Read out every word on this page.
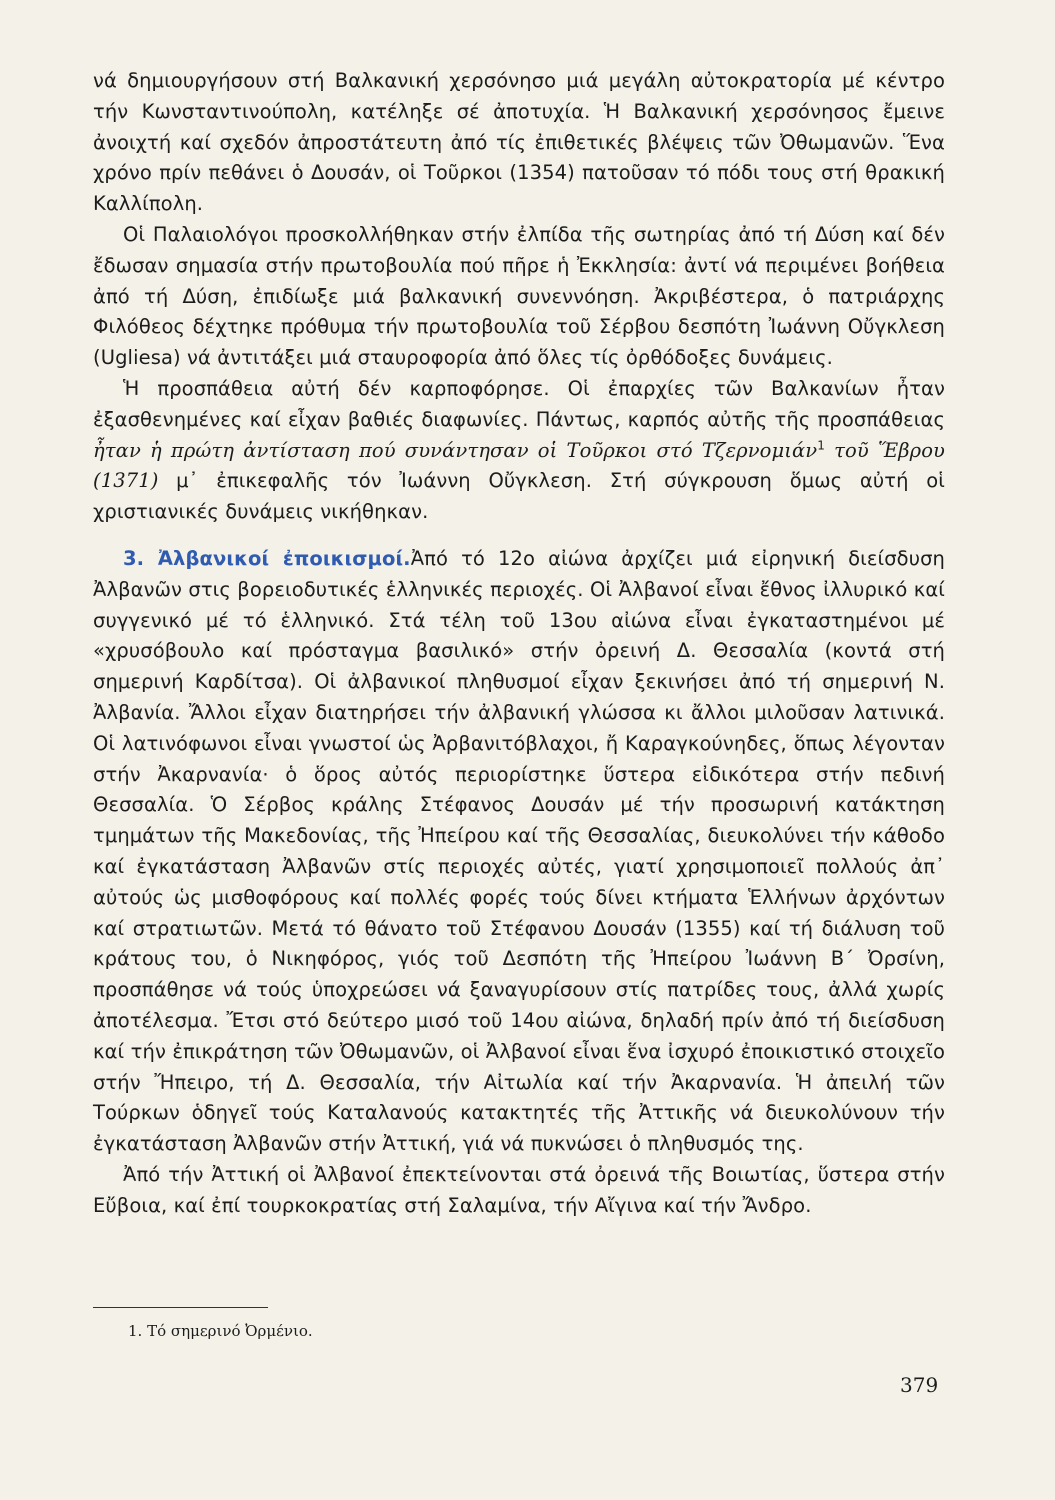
νά δημιουργήσουν στή Βαλκανική χερσόνησο μιά μεγάλη αὐτοκρατορία μέ κέντρο τήν Κωνσταντινούπολη, κατέληξε σέ ἀποτυχία. Ἡ Βαλκανική χερσόνησος ἔμεινε ἀνοιχτή καί σχεδόν ἀπροστάτευτη ἀπό τίς ἐπιθετικές βλέψεις τῶν Ὀθωμανῶν. Ἕνα χρόνο πρίν πεθάνει ὁ Δουσάν, οἱ Τοῦρκοι (1354) πατοῦσαν τό πόδι τους στή θρακική Καλλίπολη.

Οἱ Παλαιολόγοι προσκολλήθηκαν στήν ἐλπίδα τῆς σωτηρίας ἀπό τή Δύση καί δέν ἔδωσαν σημασία στήν πρωτοβουλία πού πῆρε ἡ Ἐκκλησία: ἀντί νά περιμένει βοήθεια ἀπό τή Δύση, ἐπιδίωξε μιά βαλκανική συνεννόηση. Ἀκριβέστερα, ὁ πατριάρχης Φιλόθεος δέχτηκε πρόθυμα τήν πρωτοβουλία τοῦ Σέρβου δεσπότη Ἰωάννη Οὔγκλεση (Ugliesa) νά ἀντιτάξει μιά σταυροφορία ἀπό ὅλες τίς ὀρθόδοξες δυνάμεις.

Ἡ προσπάθεια αὐτή δέν καρποφόρησε. Οἱ ἐπαρχίες τῶν Βαλκανίων ἦταν ἐξασθενημένες καί εἶχαν βαθιές διαφωνίες. Πάντως, καρπός αὐτῆς τῆς προσπάθειας ἦταν ἡ πρώτη ἀντίσταση πού συνάντησαν οἱ Τοῦρκοι στό Τζερνομιάν$^1$ τοῦ Ἕβρου (1371) μ᾿ ἐπικεφαλῆς τόν Ἰωάννη Οὔγκλεση. Στή σύγκρουση ὅμως αὐτή οἱ χριστιανικές δυνάμεις νικήθηκαν.

3. Ἀλβανικοί ἐποικισμοί.Ἀπό τό 12ο αἰώνα ἀρχίζει μιά εἰρηνική διείσδυση Ἀλβανῶν στις βορειοδυτικές ἑλληνικές περιοχές. Οἱ Ἀλβανοί εἶναι ἔθνος ἰλλυρικό καί συγγενικό μέ τό ἑλληνικό. Στά τέλη τοῦ 13ου αἰώνα εἶναι ἐγκαταστημένοι μέ «χρυσόβουλο καί πρόσταγμα βασιλικό» στήν ὀρεινή Δ. Θεσσαλία (κοντά στή σημερινή Καρδίτσα). Οἱ ἀλβανικοί πληθυσμοί εἶχαν ξεκινήσει ἀπό τή σημερινή Ν. Ἀλβανία. Ἄλλοι εἶχαν διατηρήσει τήν ἀλβανική γλώσσα κι ἄλλοι μιλοῦσαν λατινικά. Οἱ λατινόφωνοι εἶναι γνωστοί ὡς Ἀρβανιτόβλαχοι, ἤ Καραγκούνηδες, ὅπως λέγονταν στήν Ἀκαρνανία· ὁ ὅρος αὐτός περιορίστηκε ὕστερα εἰδικότερα στήν πεδινή Θεσσαλία. Ὁ Σέρβος κράλης Στέφανος Δουσάν μέ τήν προσωρινή κατάκτηση τμημάτων τῆς Μακεδονίας, τῆς Ἠπείρου καί τῆς Θεσσαλίας, διευκολύνει τήν κάθοδο καί ἐγκατάσταση Ἀλβανῶν στίς περιοχές αὐτές, γιατί χρησιμοποιεῖ πολλούς ἀπ᾿ αὐτούς ὡς μισθοφόρους καί πολλές φορές τούς δίνει κτήματα Ἑλλήνων ἀρχόντων καί στρατιωτῶν. Μετά τό θάνατο τοῦ Στέφανου Δουσάν (1355) καί τή διάλυση τοῦ κράτους του, ὁ Νικηφόρος, γιός τοῦ Δεσπότη τῆς Ἠπείρου Ἰωάννη Β΄ Ὀρσίνη, προσπάθησε νά τούς ὑποχρεώσει νά ξαναγυρίσουν στίς πατρίδες τους, ἀλλά χωρίς ἀποτέλεσμα. Ἔτσι στό δεύτερο μισό τοῦ 14ου αἰώνα, δηλαδή πρίν ἀπό τή διείσδυση καί τήν ἐπικράτηση τῶν Ὀθωμανῶν, οἱ Ἀλβανοί εἶναι ἕνα ἰσχυρό ἐποικιστικό στοιχεῖο στήν Ἤπειρο, τή Δ. Θεσσαλία, τήν Αἰτωλία καί τήν Ἀκαρνανία. Ἡ ἀπειλή τῶν Τούρκων ὁδηγεῖ τούς Καταλανούς κατακτητές τῆς Ἀττικῆς νά διευκολύνουν τήν ἐγκατάσταση Ἀλβανῶν στήν Ἀττική, γιά νά πυκνώσει ὁ πληθυσμός της.

Ἀπό τήν Ἀττική οἱ Ἀλβανοί ἐπεκτείνονται στά ὀρεινά τῆς Βοιωτίας, ὕστερα στήν Εὔβοια, καί ἐπί τουρκοκρατίας στή Σαλαμίνα, τήν Αἴγινα καί τήν Ἄνδρο.

1. Τό σημερινό Ὀρμένιο.
379
